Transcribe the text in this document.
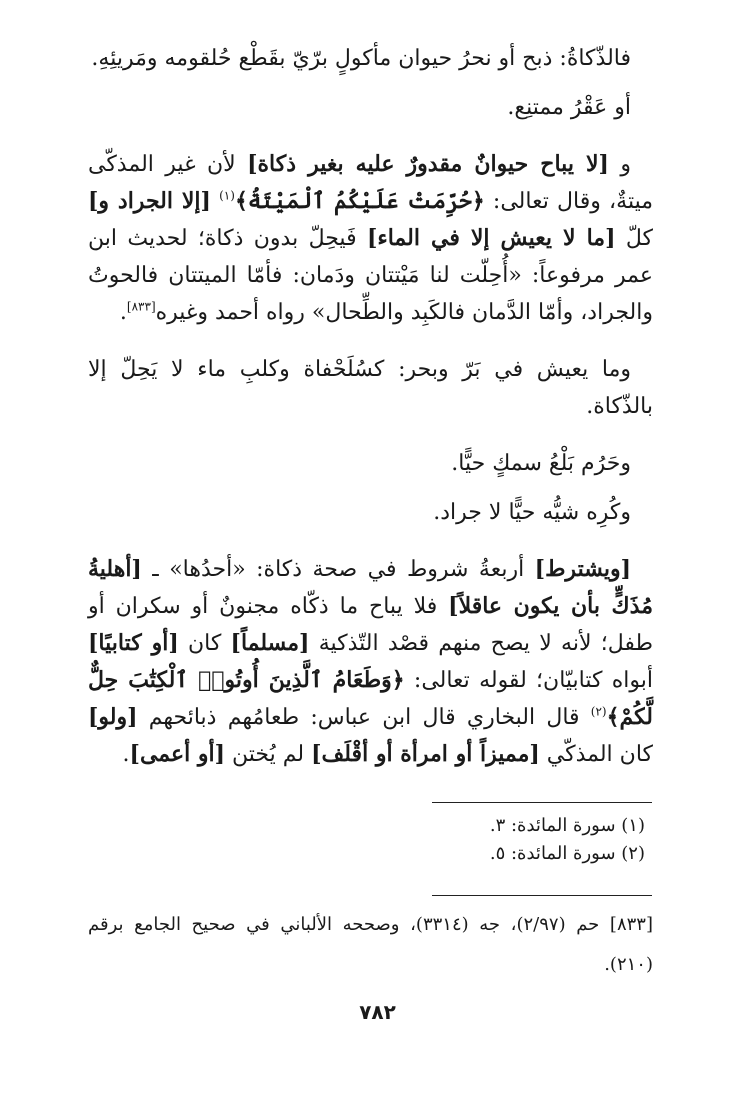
فالذّكاةُ: ذبح أو نحرُ حيوان مأكولٍ برّيّ بقَطْع حُلقومه ومَريئِهِ.

أو عَقْرُ ممتنِع.

و [لا يباح حيوانٌ مقدورٌ عليه بغير ذكاة] لأن غير المذكّى ميتةٌ، وقال تعالى: ﴿حُرِّمَتْ عَلَيْكُمُ ٱلْمَيْتَةُ﴾$^{(١)}$ [إلا الجراد و] كلّ [ما لا يعيش إلا في الماء] فَيحِلّ بدون ذكاة؛ لحديث ابن عمر مرفوعاً: «أُحِلّت لنا مَيْتتان ودَمان: فأمّا الميتتان فالحوتُ والجراد، وأمّا الدَّمان فالكَبِد والطِّحال» رواه أحمد وغيره[٨٣٣].

وما يعيش في بَرّ وبحر: كسُلَحْفاة وكلبِ ماء لا يَحِلّ إلا بالذّكاة.

وحَرُم بَلْعُ سمكٍ حيًّا.

وكُرِه شيُّه حيًّا لا جراد.

[ويشترط] أربعةُ شروط في صحة ذكاة: «أحدُها» ـ [أهليةُ مُذَكٍّ بأن يكون عاقلاً] فلا يباح ما ذكّاه مجنونٌ أو سكران أو طفل؛ لأنه لا يصح منهم قصْد التّذكية [مسلماً] كان [أو كتابيًا] أبواه كتابيّان؛ لقوله تعالى: ﴿وَطَعَامُ ٱلَّذِينَ أُوتُوا۟ ٱلْكِتَٰبَ حِلٌّ لَّكُمْ﴾$^{(٢)}$ قال البخاري قال ابن عباس: طعامُهم ذبائحهم [ولو] كان المذكّي [مميزاً أو امرأة أو أقْلَف] لم يُختن [أو أعمى].

(١) سورة المائدة: ٣.

(٢) سورة المائدة: ٥.

[٨٣٣] حم (٢/٩٧)، جه (٣٣١٤)، وصححه الألباني في صحيح الجامع برقم (٢١٠).

٧٨٢
